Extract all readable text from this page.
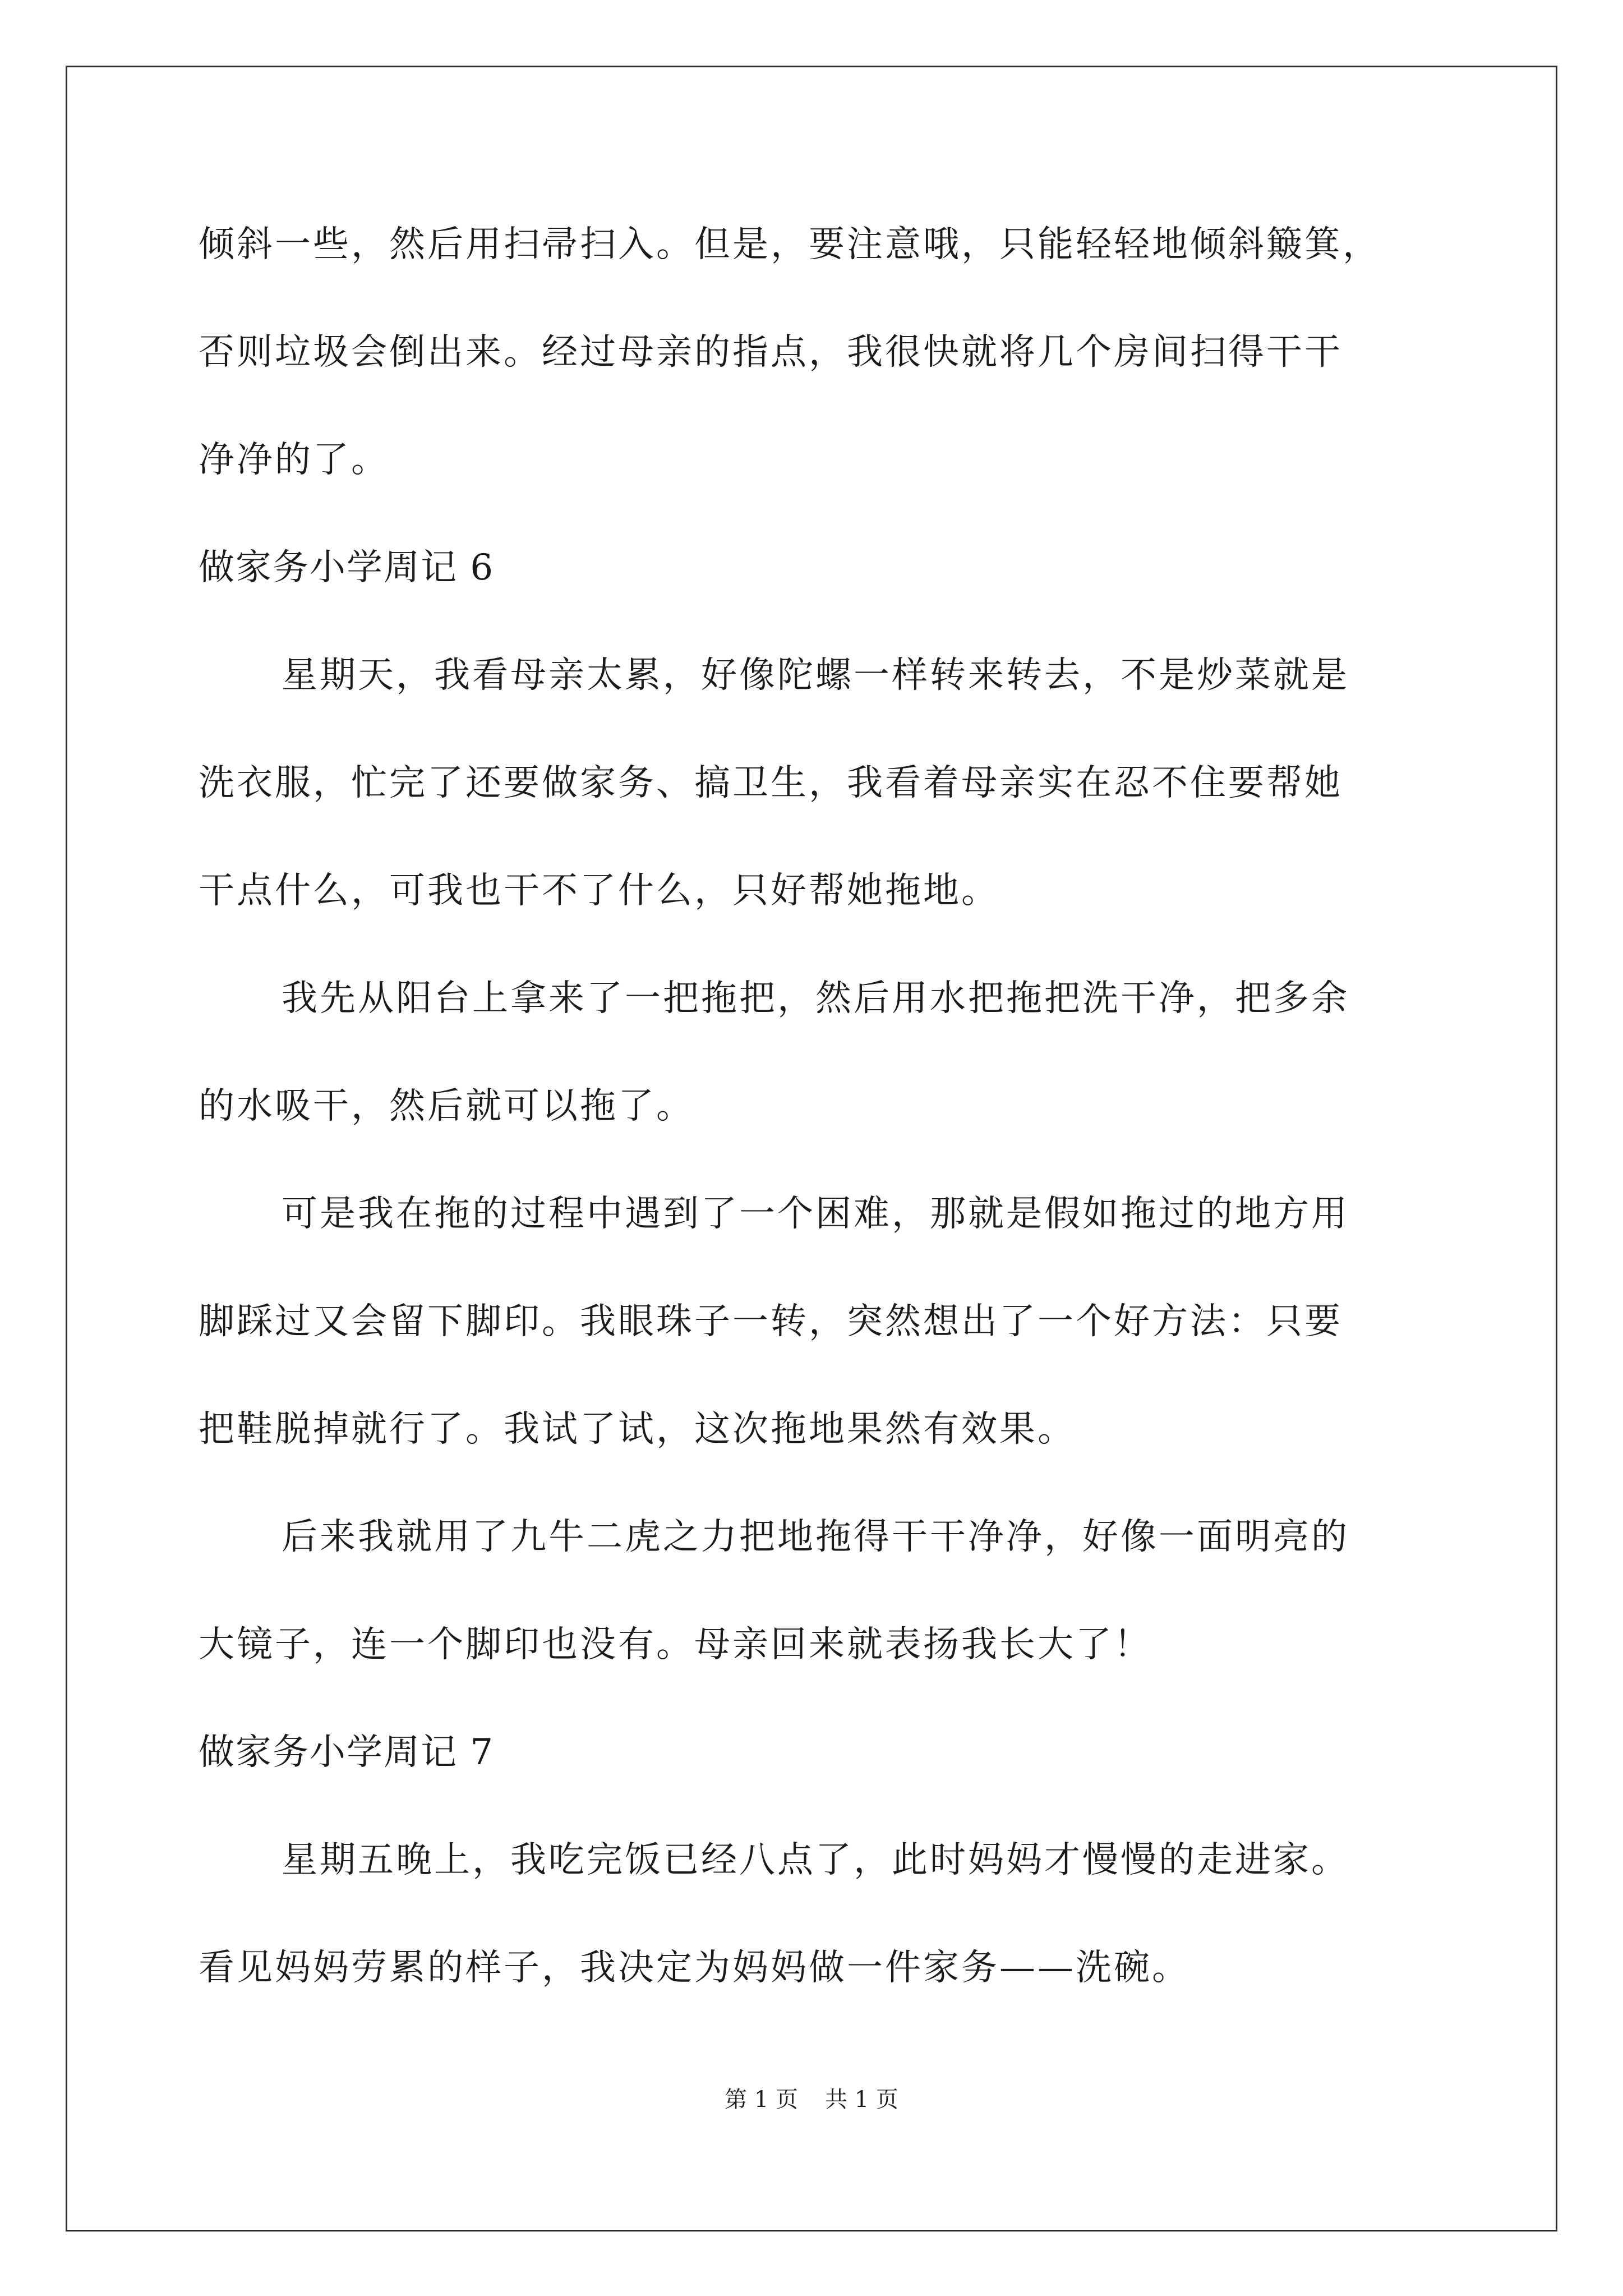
倾斜一些，然后用扫帚扫入。但是，要注意哦，只能轻轻地倾斜簸箕，
否则垃圾会倒出来。经过母亲的指点，我很快就将几个房间扫得干干
净净的了。
做家务小学周记 6
星期天，我看母亲太累，好像陀螺一样转来转去，不是炒菜就是
洗衣服，忙完了还要做家务、搞卫生，我看着母亲实在忍不住要帮她
干点什么，可我也干不了什么，只好帮她拖地。
我先从阳台上拿来了一把拖把，然后用水把拖把洗干净，把多余
的水吸干，然后就可以拖了。
可是我在拖的过程中遇到了一个困难，那就是假如拖过的地方用
脚踩过又会留下脚印。我眼珠子一转，突然想出了一个好方法：只要
把鞋脱掉就行了。我试了试，这次拖地果然有效果。
后来我就用了九牛二虎之力把地拖得干干净净，好像一面明亮的
大镜子，连一个脚印也没有。母亲回来就表扬我长大了！
做家务小学周记 7
星期五晚上，我吃完饭已经八点了，此时妈妈才慢慢的走进家。
看见妈妈劳累的样子，我决定为妈妈做一件家务——洗碗。
第 1 页 共 1 页
